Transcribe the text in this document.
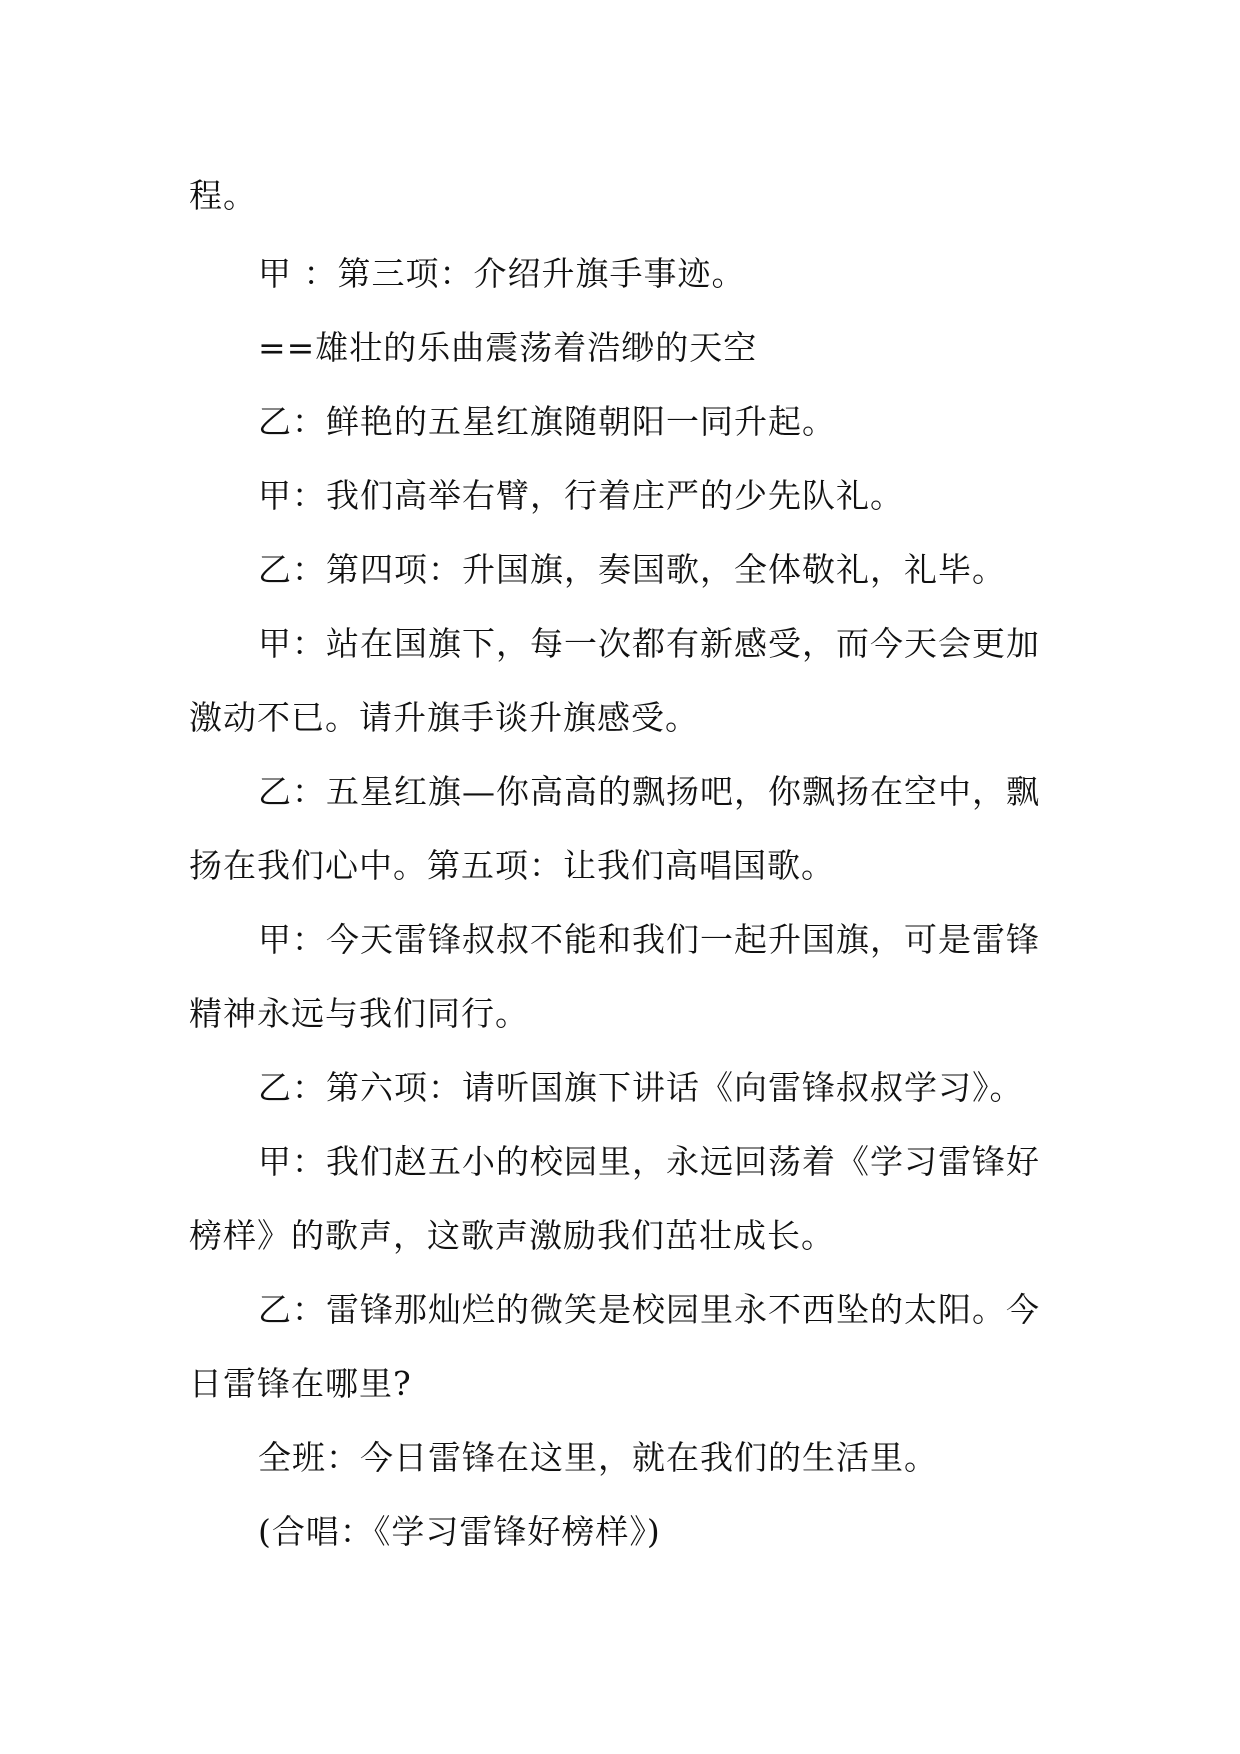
程。
甲 ：第三项：介绍升旗手事迹。
==雄壮的乐曲震荡着浩缈的天空
乙：鲜艳的五星红旗随朝阳一同升起。
甲：我们高举右臂，行着庄严的少先队礼。
乙：第四项：升国旗，奏国歌，全体敬礼，礼毕。
甲：站在国旗下，每一次都有新感受，而今天会更加
激动不已。请升旗手谈升旗感受。
乙：五星红旗—你高高的飘扬吧，你飘扬在空中，飘
扬在我们心中。第五项：让我们高唱国歌。
甲：今天雷锋叔叔不能和我们一起升国旗，可是雷锋
精神永远与我们同行。
乙：第六项：请听国旗下讲话《向雷锋叔叔学习》。
甲：我们赵五小的校园里，永远回荡着《学习雷锋好
榜样》的歌声，这歌声激励我们茁壮成长。
乙：雷锋那灿烂的微笑是校园里永不西坠的太阳。今
日雷锋在哪里?
全班：今日雷锋在这里，就在我们的生活里。
(合唱：《学习雷锋好榜样》)
